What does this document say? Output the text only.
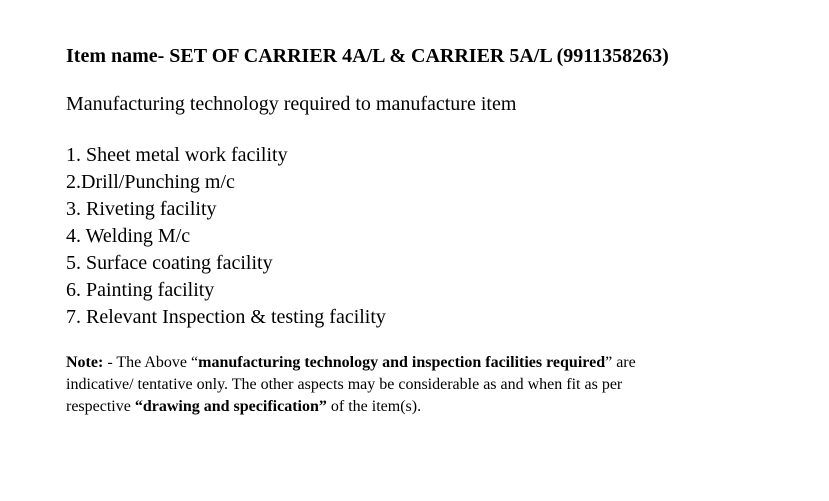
Item name- SET OF CARRIER 4A/L & CARRIER 5A/L (9911358263)

Manufacturing technology required to manufacture item

1. Sheet metal work facility
2.Drill/Punching m/c
3. Riveting facility
4. Welding M/c
5. Surface coating facility
6. Painting facility
7. Relevant Inspection & testing facility

Note: - The Above “manufacturing technology and inspection facilities required” are
indicative/ tentative only. The other aspects may be considerable as and when fit as per
respective “drawing and specification” of the item(s).
